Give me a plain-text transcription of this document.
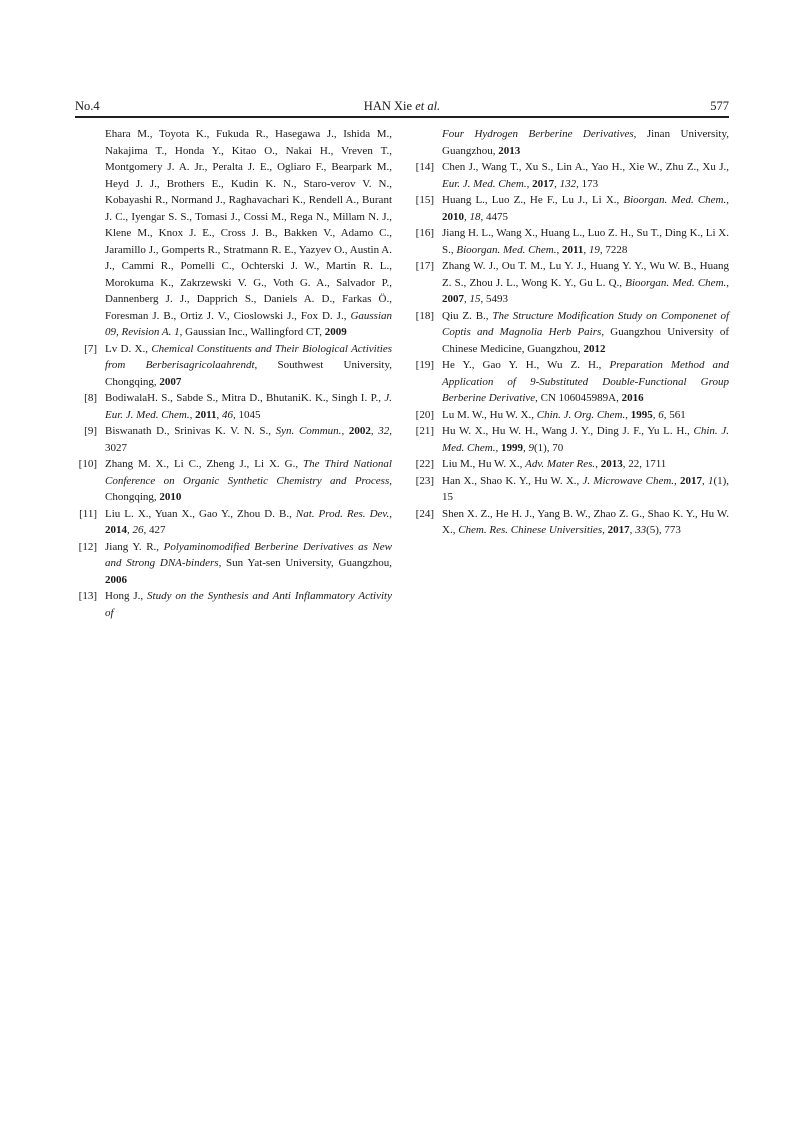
No.4	HAN Xie et al.	577
Ehara M., Toyota K., Fukuda R., Hasegawa J., Ishida M., Nakajima T., Honda Y., Kitao O., Nakai H., Vreven T., Montgomery J. A. Jr., Peralta J. E., Ogliaro F., Bearpark M., Heyd J. J., Brothers E., Kudin K. N., Staro-verov V. N., Kobayashi R., Normand J., Raghavachari K., Rendell A., Burant J. C., Iyengar S. S., Tomasi J., Cossi M., Rega N., Millam N. J., Klene M., Knox J. E., Cross J. B., Bakken V., Adamo C., Jaramillo J., Gomperts R., Stratmann R. E., Yazyev O., Austin A. J., Cammi R., Pomelli C., Ochterski J. W., Martin R. L., Morokuma K., Zakrzewski V. G., Voth G. A., Salvador P., Dannenberg J. J., Dapprich S., Daniels A. D., Farkas Ö., Foresman J. B., Ortiz J. V., Cioslowski J., Fox D. J., Gaussian 09, Revision A. 1, Gaussian Inc., Wallingford CT, 2009
[7] Lv D. X., Chemical Constituents and Their Biological Activities from Berberisagricolaahrendt, Southwest University, Chongqing, 2007
[8] BodiwalaH. S., Sabde S., Mitra D., BhutaniK. K., Singh I. P., J. Eur. J. Med. Chem., 2011, 46, 1045
[9] Biswanath D., Srinivas K. V. N. S., Syn. Commun., 2002, 32, 3027
[10] Zhang M. X., Li C., Zheng J., Li X. G., The Third National Conference on Organic Synthetic Chemistry and Process, Chongqing, 2010
[11] Liu L. X., Yuan X., Gao Y., Zhou D. B., Nat. Prod. Res. Dev., 2014, 26, 427
[12] Jiang Y. R., Polyaminomodified Berberine Derivatives as New and Strong DNA-binders, Sun Yat-sen University, Guangzhou, 2006
[13] Hong J., Study on the Synthesis and Anti Inflammatory Activity of
Four Hydrogen Berberine Derivatives, Jinan University, Guangzhou, 2013
[14] Chen J., Wang T., Xu S., Lin A., Yao H., Xie W., Zhu Z., Xu J., Eur. J. Med. Chem., 2017, 132, 173
[15] Huang L., Luo Z., He F., Lu J., Li X., Bioorgan. Med. Chem., 2010, 18, 4475
[16] Jiang H. L., Wang X., Huang L., Luo Z. H., Su T., Ding K., Li X. S., Bioorgan. Med. Chem., 2011, 19, 7228
[17] Zhang W. J., Ou T. M., Lu Y. J., Huang Y. Y., Wu W. B., Huang Z. S., Zhou J. L., Wong K. Y., Gu L. Q., Bioorgan. Med. Chem., 2007, 15, 5493
[18] Qiu Z. B., The Structure Modification Study on Componenet of Coptis and Magnolia Herb Pairs, Guangzhou University of Chinese Medicine, Guangzhou, 2012
[19] He Y., Gao Y. H., Wu Z. H., Preparation Method and Application of 9-Substituted Double-Functional Group Berberine Derivative, CN 106045989A, 2016
[20] Lu M. W., Hu W. X., Chin. J. Org. Chem., 1995, 6, 561
[21] Hu W. X., Hu W. H., Wang J. Y., Ding J. F., Yu L. H., Chin. J. Med. Chem., 1999, 9(1), 70
[22] Liu M., Hu W. X., Adv. Mater Res., 2013, 22, 1711
[23] Han X., Shao K. Y., Hu W. X., J. Microwave Chem., 2017, 1(1), 15
[24] Shen X. Z., He H. J., Yang B. W., Zhao Z. G., Shao K. Y., Hu W. X., Chem. Res. Chinese Universities, 2017, 33(5), 773
